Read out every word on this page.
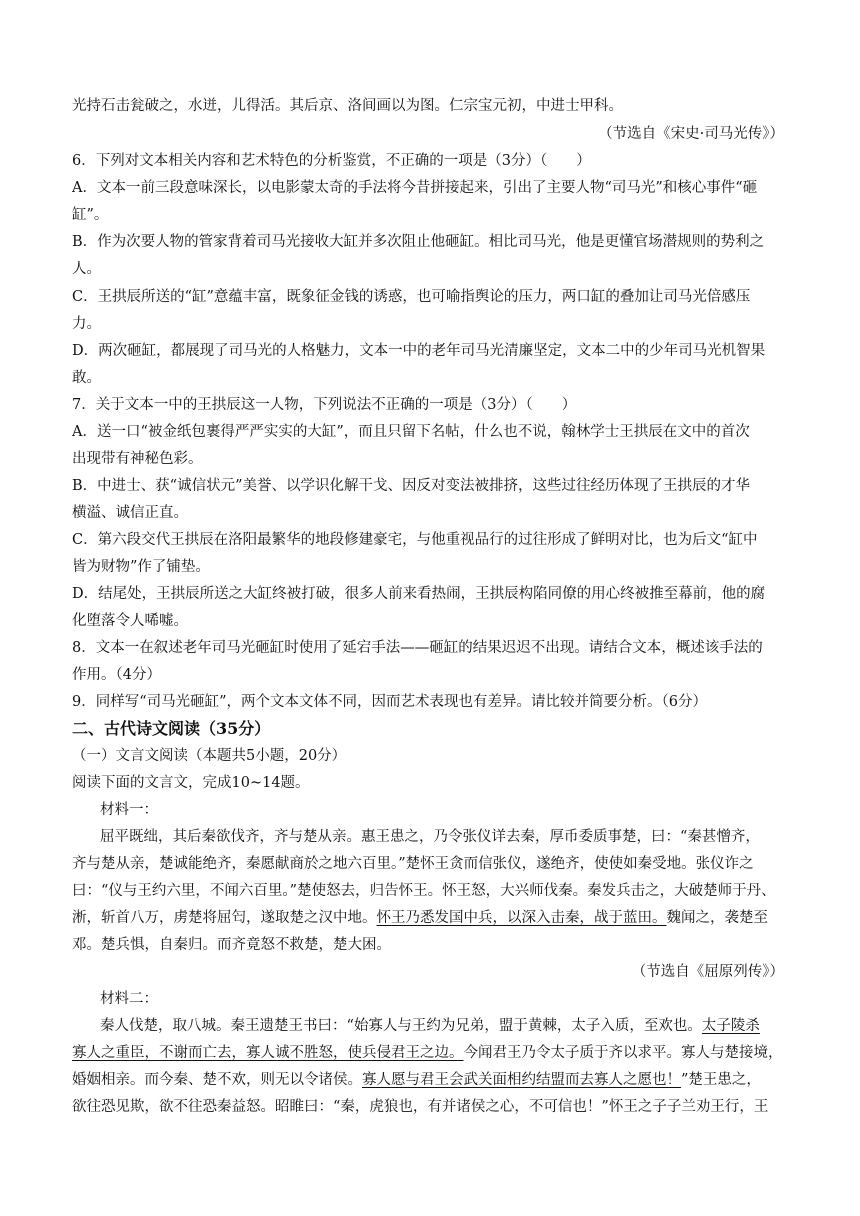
光持石击瓮破之，水迸，儿得活。其后京、洛间画以为图。仁宗宝元初，中进士甲科。
（节选自《宋史·司马光传》）
6．下列对文本相关内容和艺术特色的分析鉴赏，不正确的一项是（3分）（　　）
A．文本一前三段意味深长，以电影蒙太奇的手法将今昔拼接起来，引出了主要人物“司马光”和核心事件“砸
缸”。
B．作为次要人物的管家背着司马光接收大缸并多次阻止他砸缸。相比司马光，他是更懂官场潜规则的势利之
人。
C．王拱辰所送的“缸”意蕴丰富，既象征金钱的诱惑，也可喻指舆论的压力，两口缸的叠加让司马光倍感压
力。
D．两次砸缸，都展现了司马光的人格魅力，文本一中的老年司马光清廉坚定，文本二中的少年司马光机智果
敢。
7．关于文本一中的王拱辰这一人物，下列说法不正确的一项是（3分）（　　）
A．送一口“被金纸包裹得严严实实的大缸”，而且只留下名帖，什么也不说，翰林学士王拱辰在文中的首次
出现带有神秘色彩。
B．中进士、获“诚信状元”美誉、以学识化解干戈、因反对变法被排挤，这些过往经历体现了王拱辰的才华
横溢、诚信正直。
C．第六段交代王拱辰在洛阳最繁华的地段修建豪宅，与他重视品行的过往形成了鲜明对比，也为后文“缸中
皆为财物”作了铺垫。
D．结尾处，王拱辰所送之大缸终被打破，很多人前来看热闹，王拱辰构陷同僚的用心终被推至幕前，他的腐
化堕落令人唏嘘。
8．文本一在叙述老年司马光砸缸时使用了延宕手法——砸缸的结果迟迟不出现。请结合文本，概述该手法的
作用。（4分）
9．同样写“司马光砸缸”，两个文本文体不同，因而艺术表现也有差异。请比较并简要分析。（6分）
二、古代诗文阅读（35分）
（一）文言文阅读（本题共5小题，20分）
阅读下面的文言文，完成10~14题。
材料一：
屈平既绌，其后秦欲伐齐，齐与楚从亲。惠王患之，乃令张仪详去秦，厚币委质事楚，曰：“秦甚憎齐，
齐与楚从亲，楚诚能绝齐，秦愿献商於之地六百里。”楚怀王贪而信张仪，遂绝齐，使使如秦受地。张仪诈之
曰：“仪与王约六里，不闻六百里。”楚使怒去，归告怀王。怀王怒，大兴师伐秦。秦发兵击之，大破楚师于丹、
淅，斩首八万，虏楚将屈匄，遂取楚之汉中地。怀王乃悉发国中兵，以深入击秦，战于蓝田。魏闻之，袭楚至
邓。楚兵惧，自秦归。而齐竟怒不救楚，楚大困。
（节选自《屈原列传》）
材料二：
秦人伐楚，取八城。秦王遗楚王书曰：“始寡人与王约为兄弟，盟于黄棘，太子入质，至欢也。太子陵杀
寡人之重臣，不谢而亡去，寡人诚不胜怒，使兵侵君王之边。今闻君王乃令太子质于齐以求平。寡人与楚接境，
婚姻相亲。而今秦、楚不欢，则无以令诸侯。寡人愿与君王会武关面相约结盟而去寡人之愿也！”楚王患之，
欲往恐见欺，欲不往恐秦益怒。昭睢曰：“秦，虎狼也，有并诸侯之心，不可信也！”怀王之子子兰劝王行，王
